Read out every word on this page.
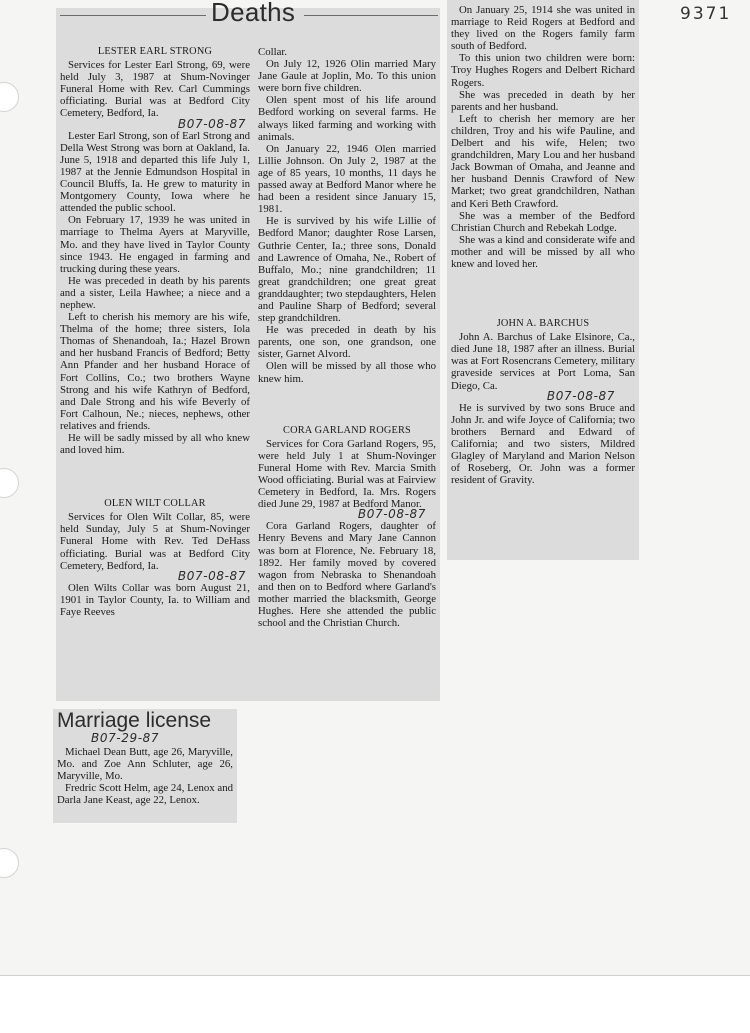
9371
LESTER EARL STRONG

Services for Lester Earl Strong, 69, were held July 3, 1987 at Shum-Novinger Funeral Home with Rev. Carl Cummings officiating. Burial was at Bedford City Cemetery, Bedford, Ia.

B07-08-87

Lester Earl Strong, son of Earl Strong and Della West Strong was born at Oakland, Ia. June 5, 1918 and departed this life July 1, 1987 at the Jennie Edmundson Hospital in Council Bluffs, Ia. He grew to maturity in Montgomery County, Iowa where he attended the public school.

On February 17, 1939 he was united in marriage to Thelma Ayers at Maryville, Mo. and they have lived in Taylor County since 1943. He engaged in farming and trucking during these years.

He was preceded in death by his parents and a sister, Leila Hawhee; a niece and a nephew.

Left to cherish his memory are his wife, Thelma of the home; three sisters, Iola Thomas of Shenandoah, Ia.; Hazel Brown and her husband Francis of Bedford; Betty Ann Pfander and her husband Horace of Fort Collins, Co.; two brothers Wayne Strong and his wife Kathryn of Bedford, and Dale Strong and his wife Beverly of Fort Calhoun, Ne.; nieces, nephews, other relatives and friends.

He will be sadly missed by all who knew and loved him.

OLEN WILT COLLAR

Services for Olen Wilt Collar, 85, were held Sunday, July 5 at Shum-Novinger Funeral Home with Rev. Ted DeHass officiating. Burial was at Bedford City Cemetery, Bedford, Ia.

B07-08-87

Olen Wilts Collar was born August 21, 1901 in Taylor County, Ia. to William and Faye Reeves

Collar.

On July 12, 1926 Olin married Mary Jane Gaule at Joplin, Mo. To this union were born five children.

Olen spent most of his life around Bedford working on several farms. He always liked farming and working with animals.

On January 22, 1946 Olen married Lillie Johnson. On July 2, 1987 at the age of 85 years, 10 months, 11 days he passed away at Bedford Manor where he had been a resident since January 15, 1981.

He is survived by his wife Lillie of Bedford Manor; daughter Rose Larsen, Guthrie Center, Ia.; three sons, Donald and Lawrence of Omaha, Ne., Robert of Buffalo, Mo.; nine grandchildren; 11 great grandchildren; one great great granddaughter; two stepdaughters, Helen and Pauline Sharp of Bedford; several step grandchildren.

He was preceded in death by his parents, one son, one grandson, one sister, Garnet Alvord.

Olen will be missed by all those who knew him.

CORA GARLAND ROGERS

Services for Cora Garland Rogers, 95, were held July 1 at Shum-Novinger Funeral Home with Rev. Marcia Smith Wood officiating. Burial was at Fairview Cemetery in Bedford, Ia. Mrs. Rogers died June 29, 1987 at Bedford Manor.

B07-08-87

Cora Garland Rogers, daughter of Henry Bevens and Mary Jane Cannon was born at Florence, Ne. February 18, 1892. Her family moved by covered wagon from Nebraska to Shenandoah and then on to Bedford where Garland's mother married the blacksmith, George Hughes. Here she attended the public school and the Christian Church.

On January 25, 1914 she was united in marriage to Reid Rogers at Bedford and they lived on the Rogers family farm south of Bedford.

To this union two children were born: Troy Hughes Rogers and Delbert Richard Rogers.

She was preceded in death by her parents and her husband.

Left to cherish her memory are her children, Troy and his wife Pauline, and Delbert and his wife, Helen; two grandchildren, Mary Lou and her husband Jack Bowman of Omaha, and Jeanne and her husband Dennis Crawford of New Market; two great grandchildren, Nathan and Keri Beth Crawford.

She was a member of the Bedford Christian Church and Rebekah Lodge.

She was a kind and considerate wife and mother and will be missed by all who knew and loved her.

JOHN A. BARCHUS

John A. Barchus of Lake Elsinore, Ca., died June 18, 1987 after an illness. Burial was at Fort Rosencrans Cemetery, military graveside services at Port Loma, San Diego, Ca.

B07-08-87

He is survived by two sons Bruce and John Jr. and wife Joyce of California; two brothers Bernard and Edward of California; and two sisters, Mildred Glagley of Maryland and Marion Nelson of Roseberg, Or. John was a former resident of Gravity.

Deaths
Marriage license
B07-29-87

Michael Dean Butt, age 26, Maryville, Mo. and Zoe Ann Schluter, age 26, Maryville, Mo.

Fredric Scott Helm, age 24, Lenox and Darla Jane Keast, age 22, Lenox.
